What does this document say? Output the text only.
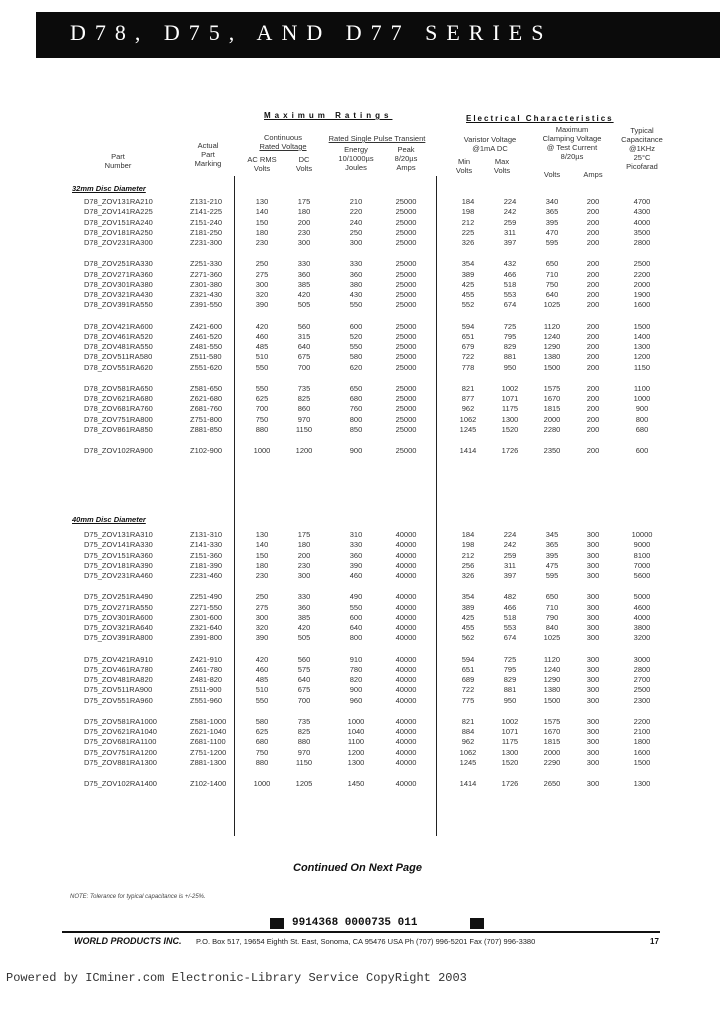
D78, D75, AND D77 SERIES
Maximum Ratings	Electrical Characteristics
Part
Number
Actual
Part
Marking
Continuous
Rated Voltage
AC RMS
Volts
DC
Volts
Rated Single Pulse Transient
Energy
10/1000µs
Joules
Peak
8/20µs
Amps
Varistor Voltage
@1mA DC
Min
Volts
Max
Volts
Maximum
Clamping Voltage
@ Test Current
8/20µs
Volts	Amps
Typical
Capacitance
@1KHz
25°C
Picofarad
32mm Disc Diameter
40mm Disc Diameter
D78_ZOV131RA210	Z131-210	130	175	210	25000	184	224	340	200	4700
D78_ZOV141RA225	Z141-225	140	180	220	25000	198	242	365	200	4300
D78_ZOV151RA240	Z151-240	150	200	240	25000	212	259	395	200	4000
D78_ZOV181RA250	Z181-250	180	230	250	25000	225	311	470	200	3500
D78_ZOV231RA300	Z231-300	230	300	300	25000	326	397	595	200	2800
D78_ZOV251RA330	Z251-330	250	330	330	25000	354	432	650	200	2500
D78_ZOV271RA360	Z271-360	275	360	360	25000	389	466	710	200	2200
D78_ZOV301RA380	Z301-380	300	385	380	25000	425	518	750	200	2000
D78_ZOV321RA430	Z321-430	320	420	430	25000	455	553	640	200	1900
D78_ZOV391RA550	Z391-550	390	505	550	25000	552	674	1025	200	1600
D78_ZOV421RA600	Z421-600	420	560	600	25000	594	725	1120	200	1500
D78_ZOV461RA520	Z461-520	460	315	520	25000	651	795	1240	200	1400
D78_ZOV481RA550	Z481-550	485	640	550	25000	679	829	1290	200	1300
D78_ZOV511RA580	Z511-580	510	675	580	25000	722	881	1380	200	1200
D78_ZOV551RA620	Z551-620	550	700	620	25000	778	950	1500	200	1150
D78_ZOV581RA650	Z581-650	550	735	650	25000	821	1002	1575	200	1100
D78_ZOV621RA680	Z621-680	625	825	680	25000	877	1071	1670	200	1000
D78_ZOV681RA760	Z681-760	700	860	760	25000	962	1175	1815	200	900
D78_ZOV751RA800	Z751-800	750	970	800	25000	1062	1300	2000	200	800
D78_ZOV861RA850	Z881-850	880	1150	850	25000	1245	1520	2280	200	680
D78_ZOV102RA900	Z102-900	1000	1200	900	25000	1414	1726	2350	200	600
D75_ZOV131RA310	Z131-310	130	175	310	40000	184	224	345	300	10000
D75_ZOV141RA330	Z141-330	140	180	330	40000	198	242	365	300	9000
D75_ZOV151RA360	Z151-360	150	200	360	40000	212	259	395	300	8100
D75_ZOV181RA390	Z181-390	180	230	390	40000	256	311	475	300	7000
D75_ZOV231RA460	Z231-460	230	300	460	40000	326	397	595	300	5600
D75_ZOV251RA490	Z251-490	250	330	490	40000	354	482	650	300	5000
D75_ZOV271RA550	Z271-550	275	360	550	40000	389	466	710	300	4600
D75_ZOV301RA600	Z301-600	300	385	600	40000	425	518	790	300	4000
D75_ZOV321RA640	Z321-640	320	420	640	40000	455	553	840	300	3800
D75_ZOV391RA800	Z391-800	390	505	800	40000	562	674	1025	300	3200
D75_ZOV421RA910	Z421-910	420	560	910	40000	594	725	1120	300	3000
D75_ZOV461RA780	Z461-780	460	575	780	40000	651	795	1240	300	2800
D75_ZOV481RA820	Z481-820	485	640	820	40000	689	829	1290	300	2700
D75_ZOV511RA900	Z511-900	510	675	900	40000	722	881	1380	300	2500
D75_ZOV551RA960	Z551-960	550	700	960	40000	775	950	1500	300	2300
D75_ZOV581RA1000	Z581-1000	580	735	1000	40000	821	1002	1575	300	2200
D75_ZOV621RA1040	Z621-1040	625	825	1040	40000	884	1071	1670	300	2100
D75_ZOV681RA1100	Z681-1100	680	880	1100	40000	962	1175	1815	300	1800
D75_ZOV751RA1200	Z751-1200	750	970	1200	40000	1062	1300	2000	300	1600
D75_ZOV881RA1300	Z881-1300	880	1150	1300	40000	1245	1520	2290	300	1500
D75_ZOV102RA1400	Z102-1400	1000	1205	1450	40000	1414	1726	2650	300	1300
Continued On Next Page
NOTE: Tolerance for typical capacitance is +/-25%.
9914368 0000735 011
WORLD PRODUCTS INC. P.O. Box 517, 19654 Eighth St. East, Sonoma, CA 95476 USA Ph (707) 996-5201 Fax (707) 996-3380	17
Powered by ICminer.com Electronic-Library Service CopyRight 2003
